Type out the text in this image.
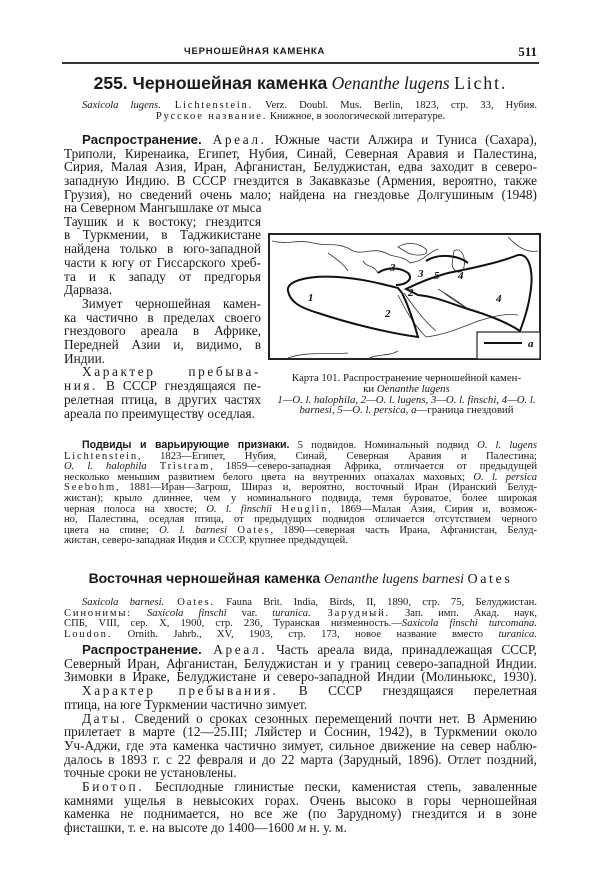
ЧЕРНОШЕЙНАЯ КАМЕНКА	511
255. Черношейная каменка Oenanthe lugens Licht.
Saxicola lugens. Lichtenstein. Verz. Doubl. Mus. Berlin, 1823, стр. 33, Нубия.
Русское название. Книжное, в зоологической литературе.
Распространение. Ареал. Южные части Алжира и Туниса (Сахара),
Триполи, Киренаика, Египет, Нубия, Синай, Северная Аравия и Палестина,
Сирия, Малая Азия, Иран, Афганистан, Белуджистан, едва заходит в северо-
западную Индию. В СССР гнездится в Закавказье (Армения, вероятно, также
Грузия), но сведений очень мало; найдена на гнездовье Долгушиным (1948)
на Северном Мангышлаке от мыса
Таушик и к востоку; гнездится
в Туркмении, в Таджикистане
найдена только в юго-западной
части к югу от Гиссарского хреб-
та и к западу от предгорья
Дарваза.
Зимует черношейная камен-
ка частично в пределах своего
гнездового ареала в Африке,
Передней Азии и, видимо, в
Индии.
Характер пребыва-
ния. В СССР гнездящаяся пе-
релетная птица, в других частях
ареала по преимуществу оседлая.
1	2
2
3 3 5 4
4
a
Карта 101. Распространение черношейной камен-
ки Oenanthe lugens
1—O. l. halophila, 2—O. l. lugens, 3—O. l. finschi, 4—O. l.
barnesi, 5—O. l. persica, a—граница гнездовий
Подвиды и варьирующие признаки. 5 подвидов. Номинальный подвид O. l. lugens
Lichtenstein, 1823—Египет, Нубия, Синай, Северная Аравия и Палестина;
O. l. halophila Tristram, 1859—северо-западная Африка, отличается от предыдущей
несколько меньшим развитием белого цвета на внутренних опахалах маховых; O. l. persica
Seebohm, 1881—Иран—Загрош, Шираз и, вероятно, восточный Иран (Иранский Белуд-
жистан); крыло длиннее, чем у номинального подвида, темя буроватое, более широкая
черная полоса на хвосте; O. l. finschii Heuglin, 1869—Малая Азия, Сирия и, возмож-
но, Палестина, оседлая птица, от предыдущих подвидов отличается отсутствием черного
цвета на спине; O. l. barnesi Oates, 1890—северная часть Ирана, Афганистан, Белуд-
жистан, северо-западная Индия и СССР, крупнее предыдущей.
Восточная черношейная каменка Oenanthe lugens barnesi Oates
Saxicola barnesi. Oates. Fauna Brit. India, Birds, II, 1890, стр. 75, Белуджистан.
Синонимы: Saxicola finschi var. turanica. Зарудный. Зап. имп. Акад. наук,
СПБ, VIII, сер. X, 1900, стр. 236, Туранская низменность.—Saxicola finschi turcomana.
Loudon. Ornith. Jahrb., XV, 1903, стр. 173, новое название вместо turanica.
Распространение. Ареал. Часть ареала вида, принадлежащая СССР,
Северный Иран, Афганистан, Белуджистан и у границ северо-западной Индии.
Зимовки в Ираке, Белуджистане и северо-западной Индии (Молиньюкс, 1930).
Характер пребывания. В СССР гнездящаяся перелетная
птица, на юге Туркмении частично зимует.
Даты. Сведений о сроках сезонных перемещений почти нет. В Армению
прилетает в марте (12—25.III; Ляйстер и Соснин, 1942), в Туркмении около
Уч-Аджи, где эта каменка частично зимует, сильное движение на север наблю-
далось в 1893 г. с 22 февраля и до 22 марта (Зарудный, 1896). Отлет поздний,
точные сроки не установлены.
Биотоп. Бесплодные глинистые пески, каменистая степь, заваленные
камнями ущелья в невысоких горах. Очень высоко в горы черношейная
каменка не поднимается, но все же (по Зарудному) гнездится и в зоне
фисташки, т. е. на высоте до 1400—1600 м н. у. м.
